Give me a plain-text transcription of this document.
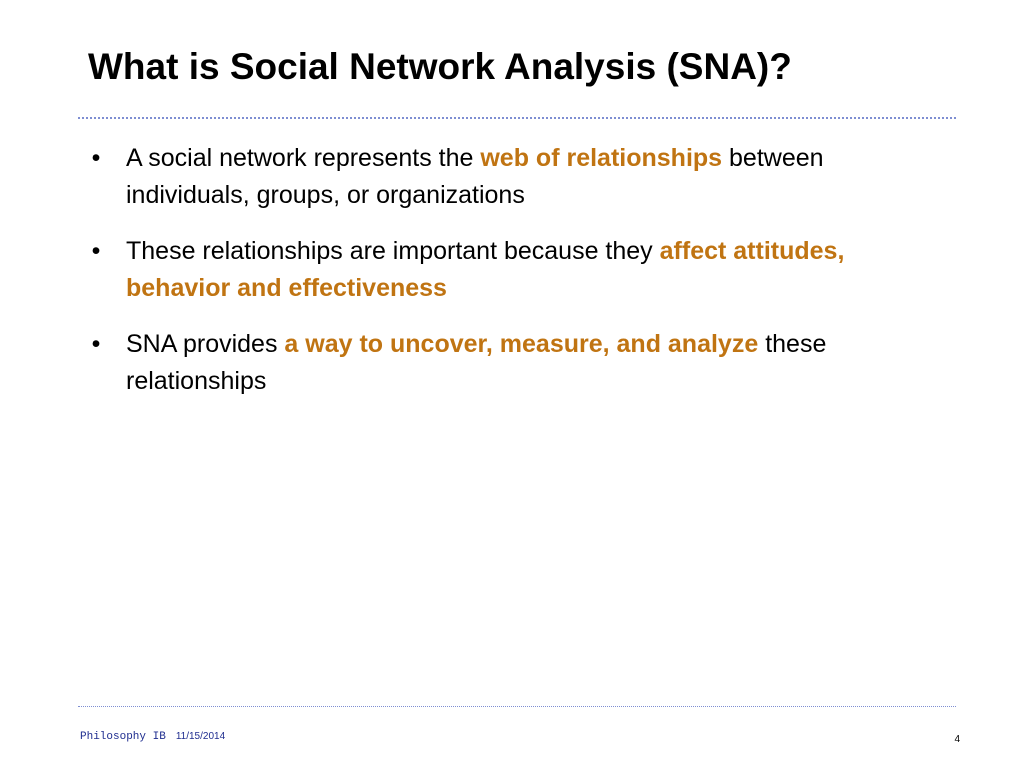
What is Social Network Analysis (SNA)?
• A social network represents the web of relationships between individuals, groups, or organizations
• These relationships are important because they affect attitudes, behavior and effectiveness
• SNA provides a way to uncover, measure, and analyze these relationships
Philosophy IB 11/15/2014	4
